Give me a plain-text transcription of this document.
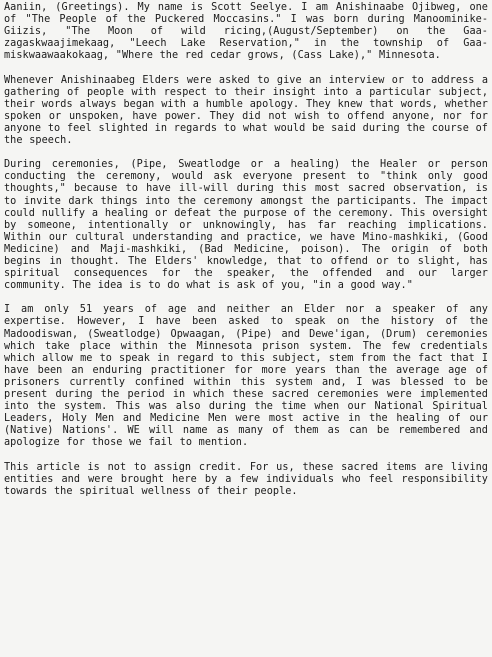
Aaniin, (Greetings). My name is Scott Seelye. I am Anishinaabe Ojibweg, one of "The People of the Puckered Moccasins." I was born during Manoominike-Giizis, "The Moon of wild ricing,(August/September) on the Gaa-zagaskwaajimekaag, "Leech Lake Reservation," in the township of Gaa-miskwaawaakokaag, "Where the red cedar grows, (Cass Lake)," Minnesota.

Whenever Anishinaabeg Elders were asked to give an interview or to address a gathering of people with respect to their insight into a particular subject, their words always began with a humble apology. They knew that words, whether spoken or unspoken, have power. They did not wish to offend anyone, nor for anyone to feel slighted in regards to what would be said during the course of the speech.

During ceremonies, (Pipe, Sweatlodge or a healing) the Healer or person conducting the ceremony, would ask everyone present to "think only good thoughts," because to have ill-will during this most sacred observation, is to invite dark things into the ceremony amongst the participants. The impact could nullify a healing or defeat the purpose of the ceremony. This oversight by someone, intentionally or unknowingly, has far reaching implications. Within our cultural understanding and practice, we have Mino-mashkiki, (Good Medicine) and Maji-mashkiki, (Bad Medicine, poison). The origin of both begins in thought. The Elders' knowledge, that to offend or to slight, has spiritual consequences for the speaker, the offended and our larger community. The idea is to do what is ask of you, "in a good way."

I am only 51 years of age and neither an Elder nor a speaker of any expertise. However, I have been asked to speak on the history of the Madoodiswan, (Sweatlodge) Opwaagan, (Pipe) and Dewe'igan, (Drum) ceremonies which take place within the Minnesota prison system. The few credentials which allow me to speak in regard to this subject, stem from the fact that I have been an enduring practitioner for more years than the average age of prisoners currently confined within this system and, I was blessed to be present during the period in which these sacred ceremonies were implemented into the system. This was also during the time when our National Spiritual Leaders, Holy Men and Medicine Men were most active in the healing of our (Native) Nations'. WE will name as many of them as can be remembered and apologize for those we fail to mention.

This article is not to assign credit. For us, these sacred items are living entities and were brought here by a few individuals who feel responsibility towards the spiritual wellness of their people.
